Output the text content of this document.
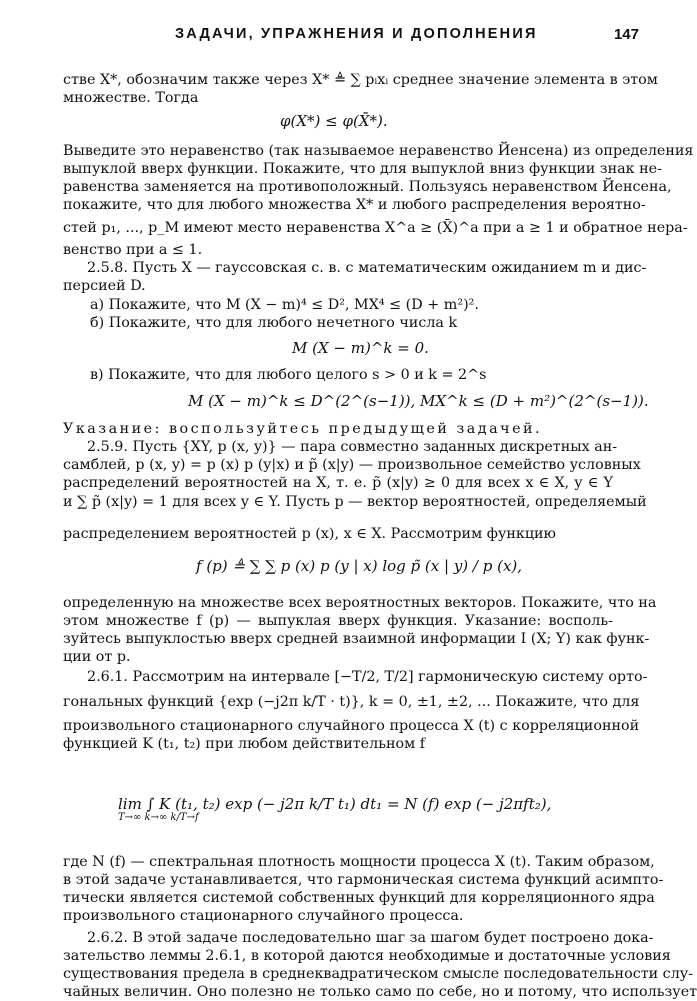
ЗАДАЧИ, УПРАЖНЕНИЯ И ДОПОЛНЕНИЯ	147
стве X*, обозначим также через X* ≜ ∑ pᵢxᵢ среднее значение элемента в этом
множестве. Тогда
φ(X*) ≤ φ(X̄*).
Выведите это неравенство (так называемое неравенство Йенсена) из определения
выпуклой вверх функции. Покажите, что для выпуклой вниз функции знак не-
равенства заменяется на противоположный. Пользуясь неравенством Йенсена,
покажите, что для любого множества X* и любого распределения вероятно-
стей p₁, ..., p_M имеют место неравенства X^a ≥ (X̄)^a при a ≥ 1 и обратное нера-
венство при a ≤ 1.
2.5.8. Пусть X — гауссовская с. в. с математическим ожиданием m и дис-
персией D.
а) Покажите, что M (X − m)⁴ ≤ D², MX⁴ ≤ (D + m²)².
б) Покажите, что для любого нечетного числа k
M (X − m)^k = 0.
в) Покажите, что для любого целого s > 0 и k = 2^s
M (X − m)^k ≤ D^(2^(s−1)), MX^k ≤ (D + m²)^(2^(s−1)).
Указание: воспользуйтесь предыдущей задачей.
2.5.9. Пусть {XY, p (x, y)} — пара совместно заданных дискретных ан-
самблей, p (x, y) = p (x) p (y|x) и p̃ (x|y) — произвольное семейство условных
распределений вероятностей на X, т. е. p̃ (x|y) ≥ 0 для всех x ∈ X, y ∈ Y
и ∑ p̃ (x|y) = 1 для всех y ∈ Y. Пусть p — вектор вероятностей, определяемый
распределением вероятностей p (x), x ∈ X. Рассмотрим функцию
f (p) ≜ ∑ ∑ p (x) p (y | x) log p̃ (x | y) / p (x),
определенную на множестве всех вероятностных векторов. Покажите, что на
этом множестве f (p) — выпуклая вверх функция. Указание: восполь-
зуйтесь выпуклостью вверх средней взаимной информации I (X; Y) как функ-
ции от p.
2.6.1. Рассмотрим на интервале [−T/2, T/2] гармоническую систему орто-
гональных функций {exp (−j2π k/T · t)}, k = 0, ±1, ±2, ... Покажите, что для
произвольного стационарного случайного процесса X (t) с корреляционной
функцией K (t₁, t₂) при любом действительном f
lim ∫ K (t₁, t₂) exp (− j2π k/T t₁) dt₁ = N (f) exp (− j2πft₂),
T→∞ k→∞ k/T→f
где N (f) — спектральная плотность мощности процесса X (t). Таким образом,
в этой задаче устанавливается, что гармоническая система функций асимпто-
тически является системой собственных функций для корреляционного ядра
произвольного стационарного случайного процесса.
2.6.2. В этой задаче последовательно шаг за шагом будет построено дока-
зательство леммы 2.6.1, в которой даются необходимые и достаточные условия
существования предела в среднеквадратическом смысле последовательности слу-
чайных величин. Оно полезно не только само по себе, но и потому, что использует
